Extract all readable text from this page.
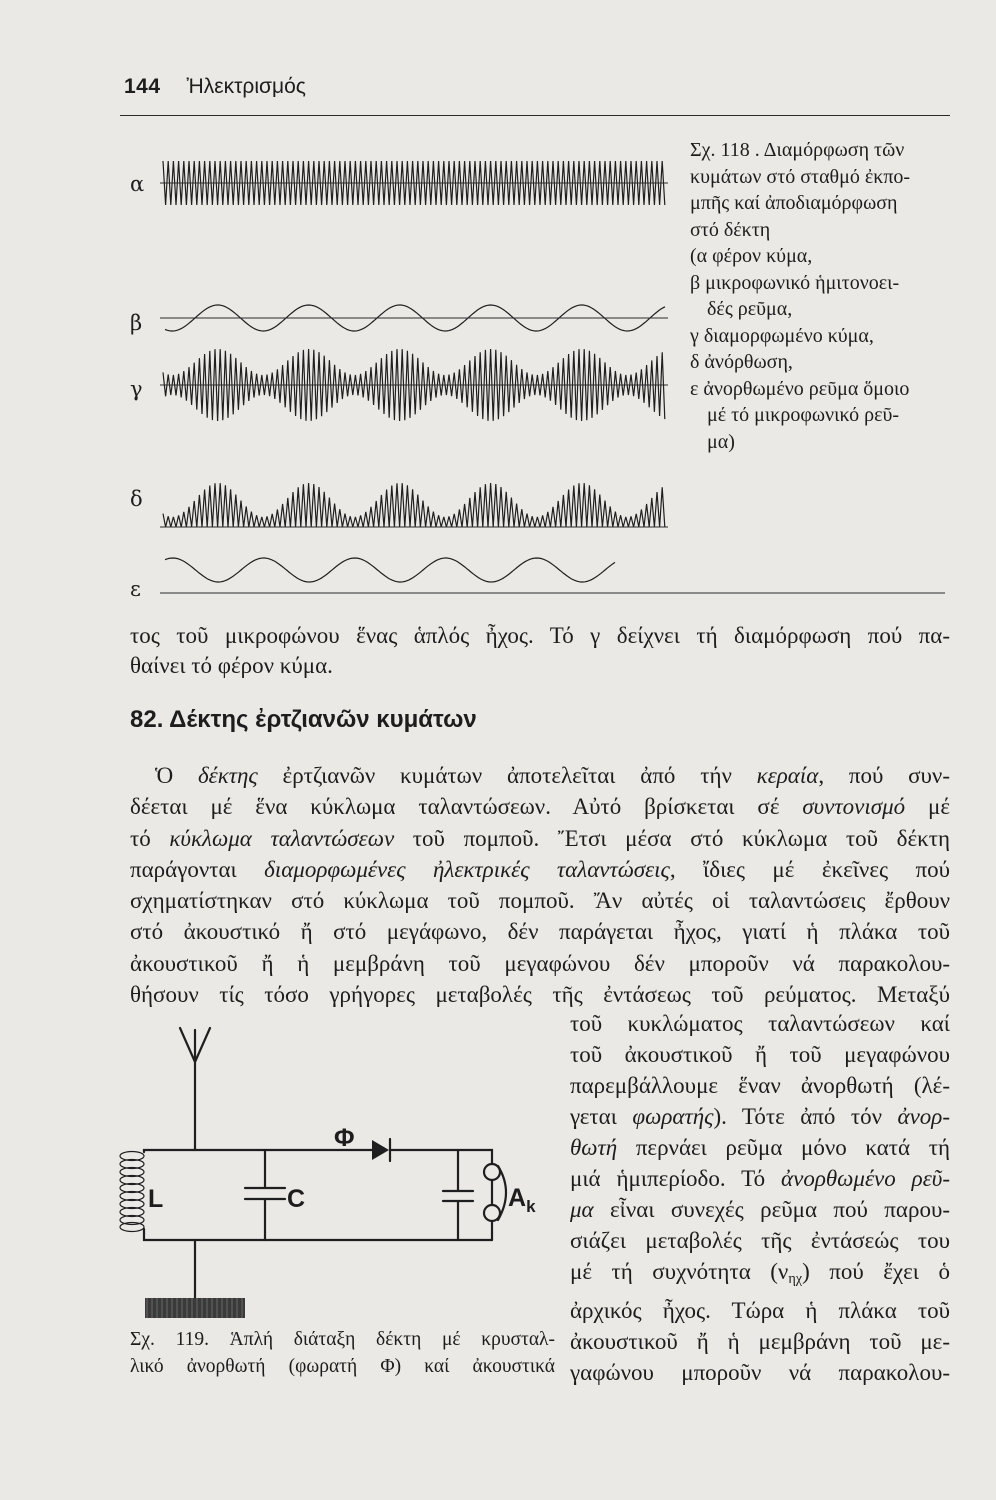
144 Ἠλεκτρισμός
α
β
γ
δ
ε
Φ
L	C	$A_k$
Σχ. 118 . Διαμόρφωση τῶν
κυμάτων στό σταθμό ἐκπο-
μπῆς καί ἀποδιαμόρφωση
στό δέκτη
(α φέρον κύμα,
β μικροφωνικό ἡμιτονοει-
δές ρεῦμα,
γ διαμορφωμένο κύμα,
δ ἀνόρθωση,
ε ἀνορθωμένο ρεῦμα ὅμοιο
μέ τό μικροφωνικό ρεῦ-
μα)
τος τοῦ μικροφώνου ἕνας ἁπλός ἦχος. Τό γ δείχνει τή διαμόρφωση πού πα-
θαίνει τό φέρον κύμα.
82. Δέκτης ἐρτζιανῶν κυμάτων
Ὁ δέκτης ἐρτζιανῶν κυμάτων ἀποτελεῖται ἀπό τήν κεραία, πού συν-
δέεται μέ ἕνα κύκλωμα ταλαντώσεων. Αὐτό βρίσκεται σέ συντονισμό μέ
τό κύκλωμα ταλαντώσεων τοῦ πομποῦ. Ἔτσι μέσα στό κύκλωμα τοῦ δέκτη
παράγονται διαμορφωμένες ἠλεκτρικές ταλαντώσεις, ἴδιες μέ ἐκεῖνες πού
σχηματίστηκαν στό κύκλωμα τοῦ πομποῦ. Ἄν αὐτές οἱ ταλαντώσεις ἔρθουν
στό ἀκουστικό ἤ στό μεγάφωνο, δέν παράγεται ἦχος, γιατί ἡ πλάκα τοῦ
ἀκουστικοῦ ἤ ἡ μεμβράνη τοῦ μεγαφώνου δέν μποροῦν νά παρακολου-
θήσουν τίς τόσο γρήγορες μεταβολές τῆς ἐντάσεως τοῦ ρεύματος. Μεταξύ
τοῦ κυκλώματος ταλαντώσεων καί
τοῦ ἀκουστικοῦ ἤ τοῦ μεγαφώνου
παρεμβάλλουμε ἕναν ἀνορθωτή (λέ-
γεται φωρατής). Τότε ἀπό τόν ἀνορ-
θωτή περνάει ρεῦμα μόνο κατά τή
μιά ἡμιπερίοδο. Τό ἀνορθωμένο ρεῦ-
μα εἶναι συνεχές ρεῦμα πού παρου-
σιάζει μεταβολές τῆς ἐντάσεώς του
μέ τή συχνότητα $(\nu_{\eta\chi})$ πού ἔχει ὁ
ἀρχικός ἦχος. Τώρα ἡ πλάκα τοῦ
ἀκουστικοῦ ἤ ἡ μεμβράνη τοῦ με-
γαφώνου μποροῦν νά παρακολου-
Σχ. 119. Ἁπλή διάταξη δέκτη μέ κρυσταλ-
λικό ἀνορθωτή (φωρατή Φ) καί ἀκουστικά
